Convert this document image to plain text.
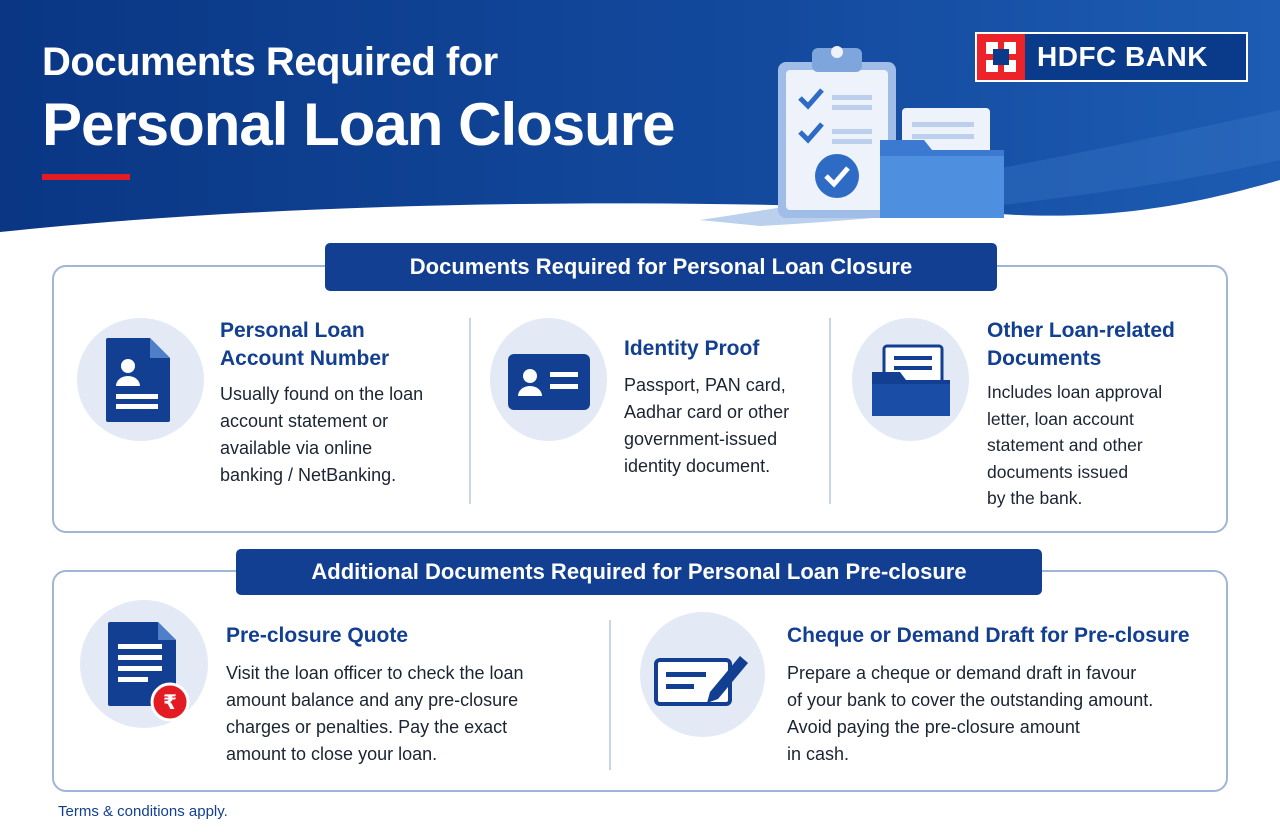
Documents Required for
Personal Loan Closure
HDFC BANK
Documents Required for Personal Loan Closure
Personal Loan
Account Number
Usually found on the loan
account statement or
available via online
banking / NetBanking.
Identity Proof
Passport, PAN card,
Aadhar card or other
government-issued
identity document.
Other Loan-related
Documents
Includes loan approval
letter, loan account
statement and other
documents issued
by the bank.
Additional Documents Required for Personal Loan Pre-closure
₹
Pre-closure Quote
Visit the loan officer to check the loan
amount balance and any pre-closure
charges or penalties. Pay the exact
amount to close your loan.
Cheque or Demand Draft for Pre-closure
Prepare a cheque or demand draft in favour
of your bank to cover the outstanding amount.
Avoid paying the pre-closure amount
in cash.
Terms & conditions apply.
